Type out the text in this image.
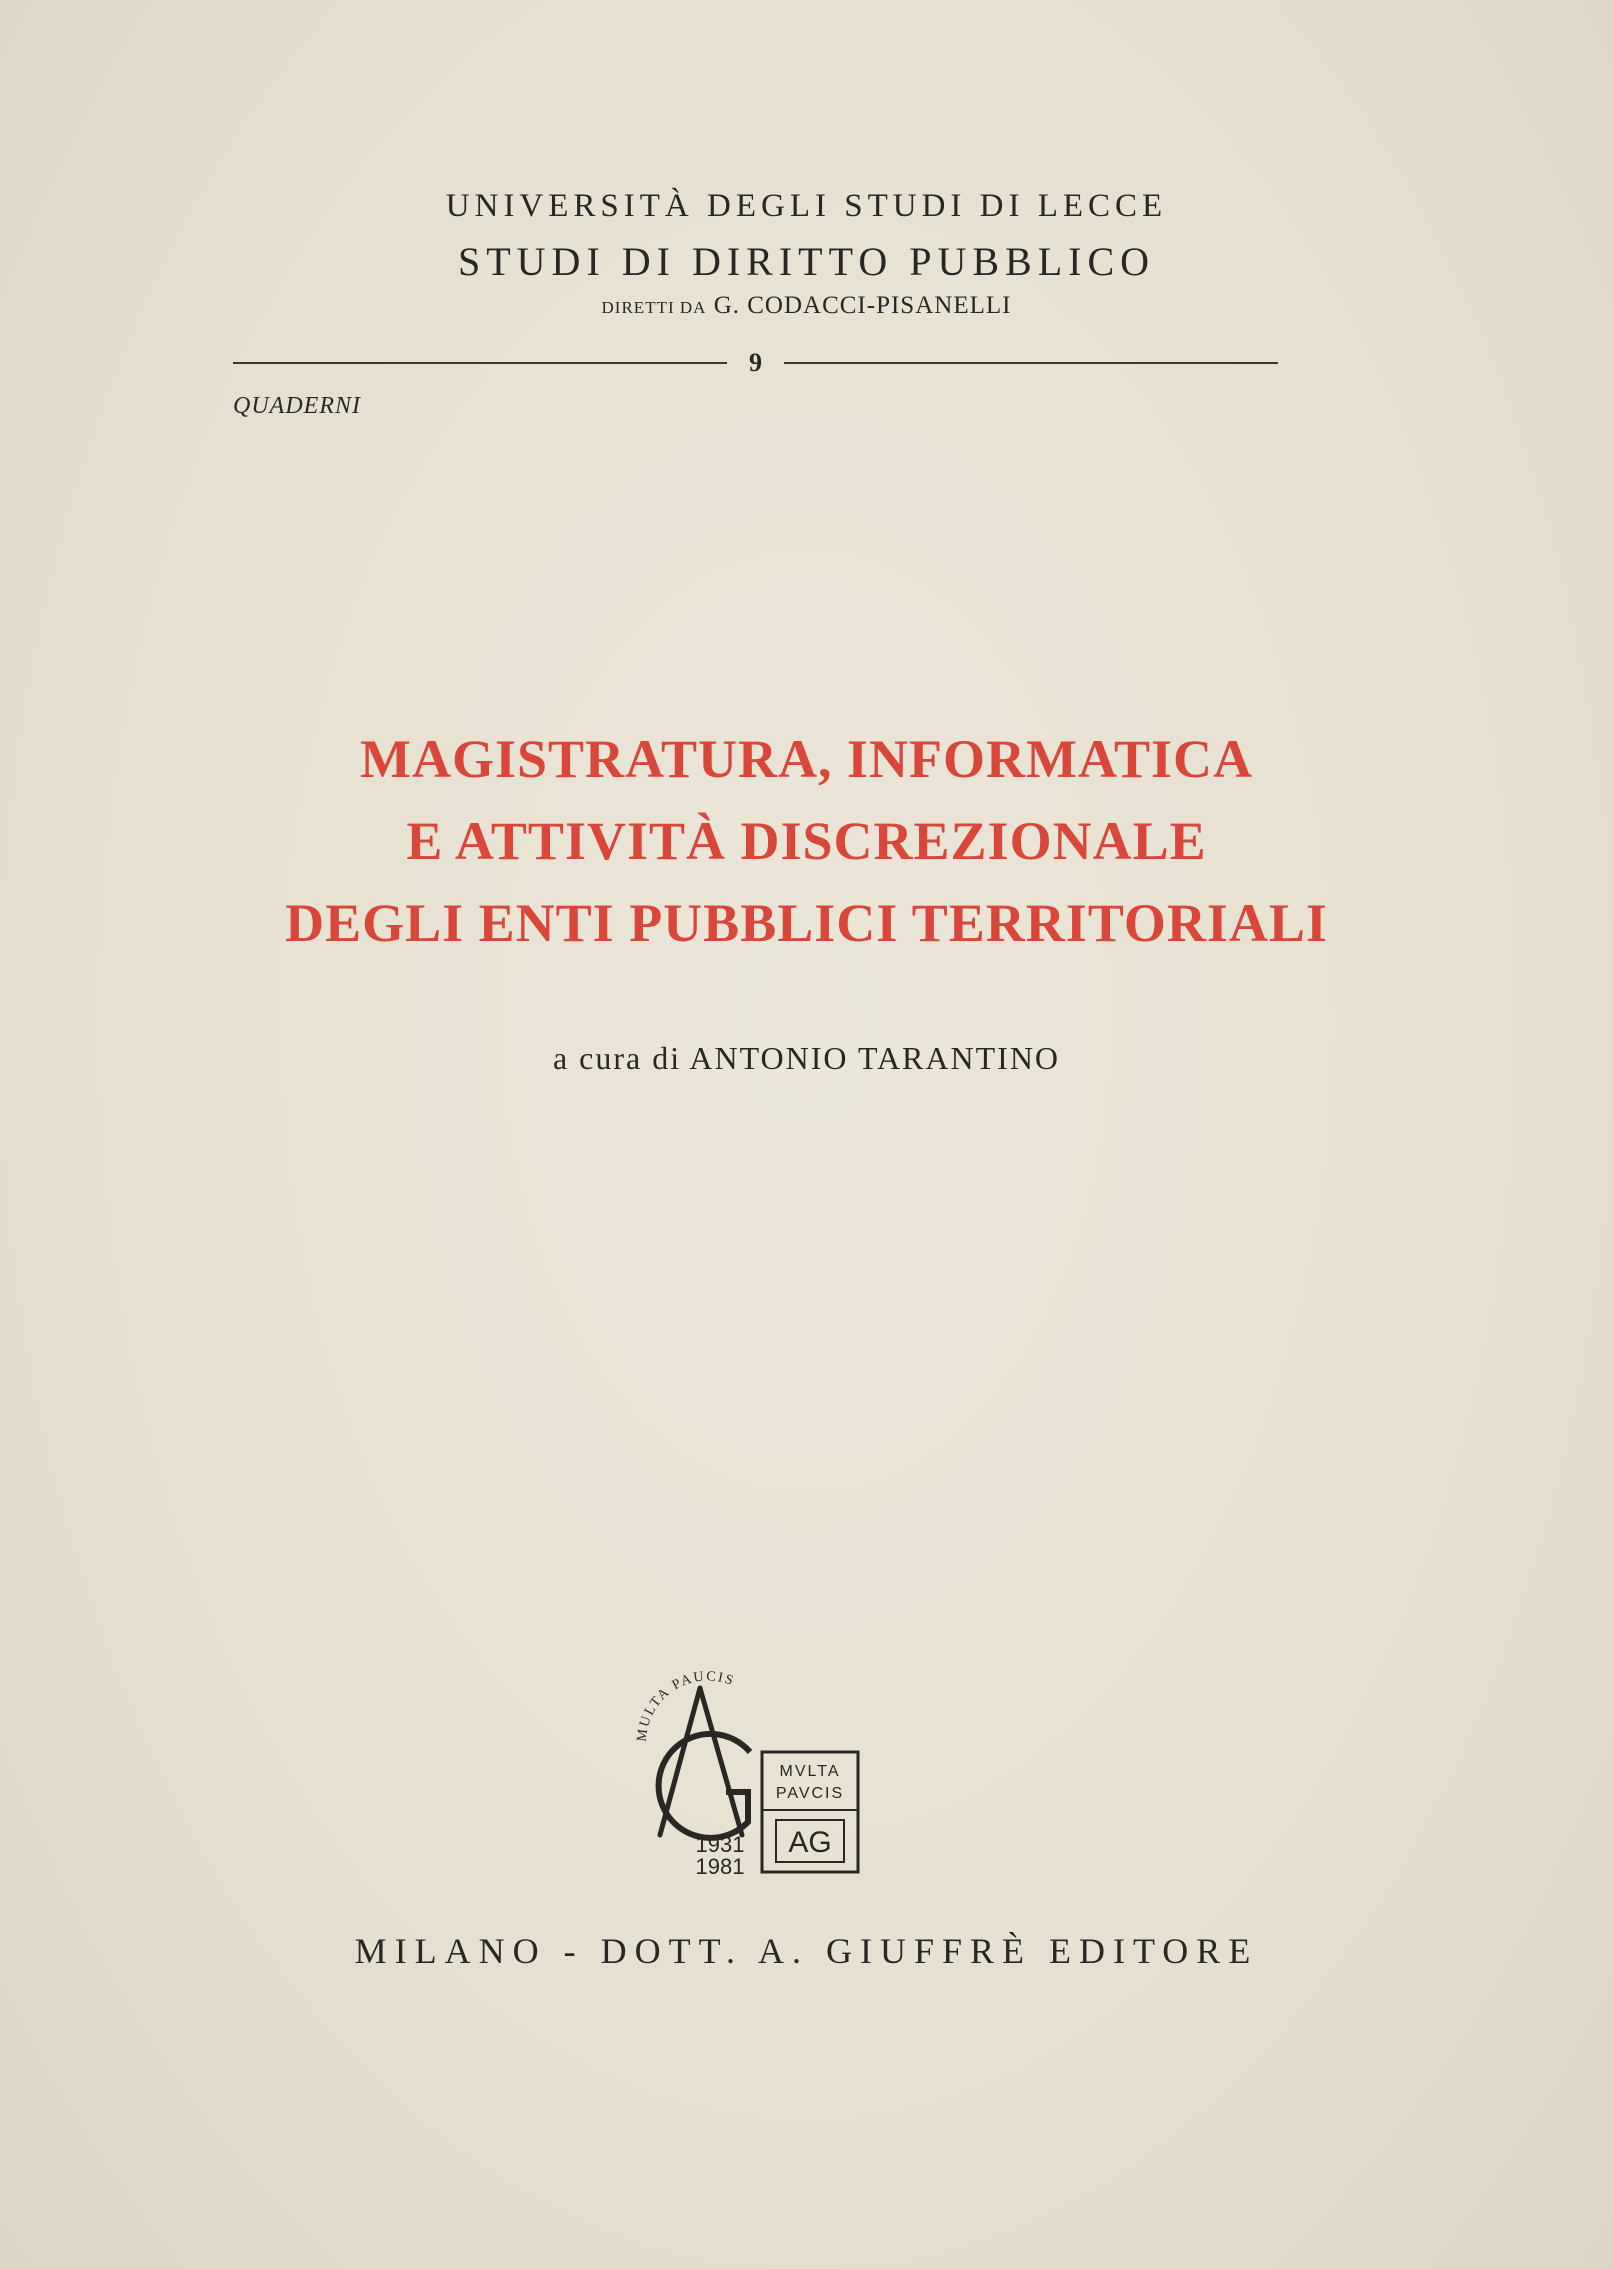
UNIVERSITÀ DEGLI STUDI DI LECCE
STUDI DI DIRITTO PUBBLICO
DIRETTI DA G. CODACCI-PISANELLI
9
QUADERNI
MAGISTRATURA, INFORMATICA
E ATTIVITÀ DISCREZIONALE
DEGLI ENTI PUBBLICI TERRITORIALI
a cura di ANTONIO TARANTINO
MULTA PAUCIS
MVLTA
PAVCIS
AG
1931
1981
MILANO - DOTT. A. GIUFFRÈ EDITORE
